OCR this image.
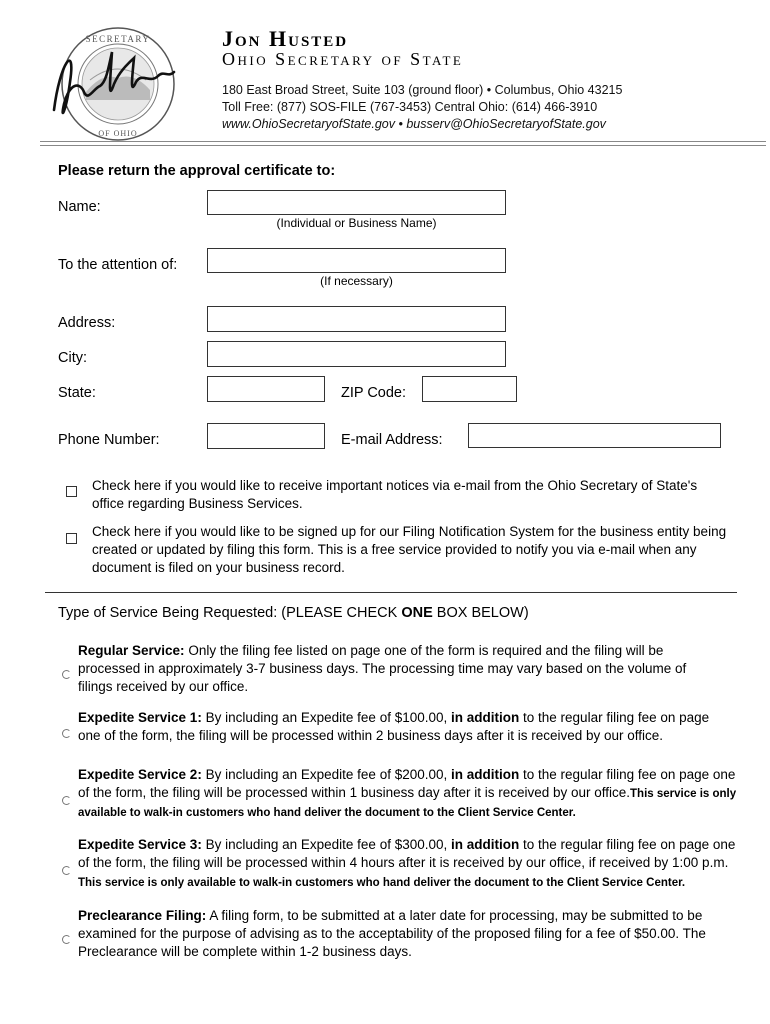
SECRETARY
OF OHIO
Jon Husted
Ohio Secretary of State
180 East Broad Street, Suite 103 (ground floor) • Columbus, Ohio 43215
Toll Free: (877) SOS-FILE (767-3453) Central Ohio: (614) 466-3910
www.OhioSecretaryofState.gov • busserv@OhioSecretaryofState.gov
Please return the approval certificate to:
Name:
(Individual or Business Name)
To the attention of:
(If necessary)
Address:
City:
State:	ZIP Code:
Phone Number:	E-mail Address:
Check here if you would like to receive important notices via e-mail from the Ohio Secretary of State's office regarding Business Services.
Check here if you would like to be signed up for our Filing Notification System for the business entity being created or updated by filing this form. This is a free service provided to notify you via e-mail when any document is filed on your business record.
Type of Service Being Requested: (PLEASE CHECK ONE BOX BELOW)
Regular Service: Only the filing fee listed on page one of the form is required and the filing will be processed in approximately 3-7 business days. The processing time may vary based on the volume of filings received by our office.
Expedite Service 1: By including an Expedite fee of $100.00, in addition to the regular filing fee on page one of the form, the filing will be processed within 2 business days after it is received by our office.
Expedite Service 2: By including an Expedite fee of $200.00, in addition to the regular filing fee on page one of the form, the filing will be processed within 1 business day after it is received by our office.This service is only available to walk-in customers who hand deliver the document to the Client Service Center.
Expedite Service 3: By including an Expedite fee of $300.00, in addition to the regular filing fee on page one of the form, the filing will be processed within 4 hours after it is received by our office, if received by 1:00 p.m. This service is only available to walk-in customers who hand deliver the document to the Client Service Center.
Preclearance Filing: A filing form, to be submitted at a later date for processing, may be submitted to be examined for the purpose of advising as to the acceptability of the proposed filing for a fee of $50.00. The Preclearance will be complete within 1-2 business days.
